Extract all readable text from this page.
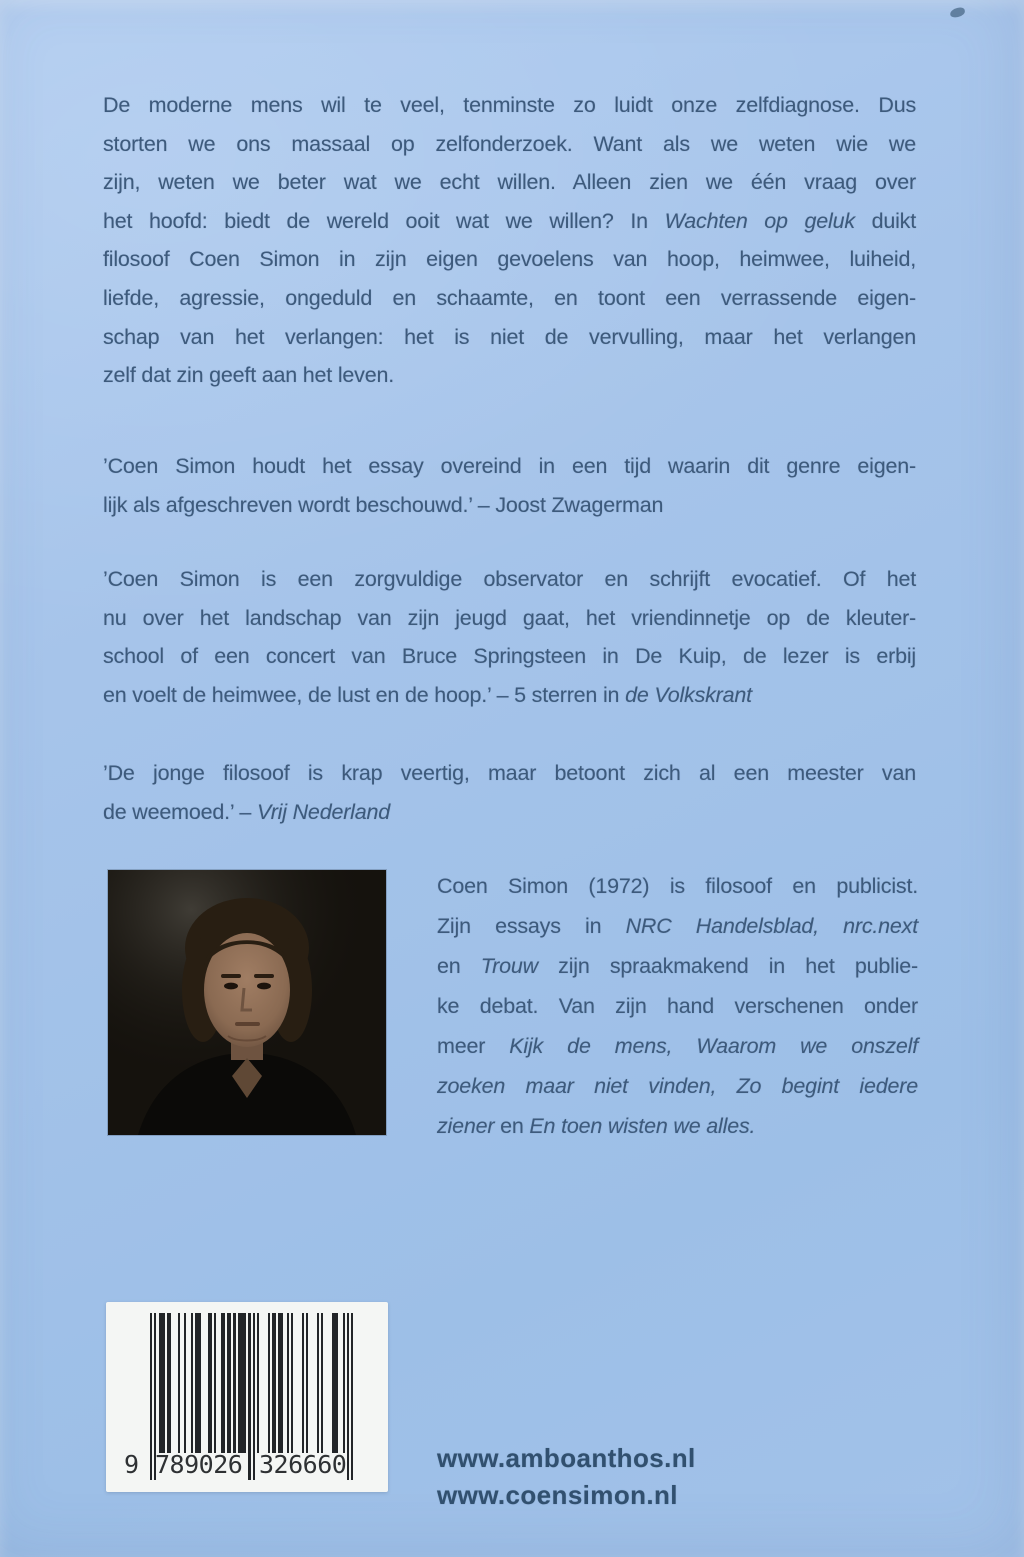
De moderne mens wil te veel, tenminste zo luidt onze zelfdiagnose. Dus
storten we ons massaal op zelfonderzoek. Want als we weten wie we
zijn, weten we beter wat we echt willen. Alleen zien we één vraag over
het hoofd: biedt de wereld ooit wat we willen? In Wachten op geluk duikt
filosoof Coen Simon in zijn eigen gevoelens van hoop, heimwee, luiheid,
liefde, agressie, ongeduld en schaamte, en toont een verrassende eigen-
schap van het verlangen: het is niet de vervulling, maar het verlangen
zelf dat zin geeft aan het leven.
’Coen Simon houdt het essay overeind in een tijd waarin dit genre eigen-
lijk als afgeschreven wordt beschouwd.’ – Joost Zwagerman
’Coen Simon is een zorgvuldige observator en schrijft evocatief. Of het
nu over het landschap van zijn jeugd gaat, het vriendinnetje op de kleuter-
school of een concert van Bruce Springsteen in De Kuip, de lezer is erbij
en voelt de heimwee, de lust en de hoop.’ – 5 sterren in de Volkskrant
’De jonge filosoof is krap veertig, maar betoont zich al een meester van
de weemoed.’ – Vrij Nederland
Coen Simon (1972) is filosoof en publicist.
Zijn essays in NRC Handelsblad, nrc.next
en Trouw zijn spraakmakend in het publie-
ke debat. Van zijn hand verschenen onder
meer Kijk de mens, Waarom we onszelf
zoeken maar niet vinden, Zo begint iedere
ziener en En toen wisten we alles.
9 789026 326660	www.amboanthos.nl
www.coensimon.nl
